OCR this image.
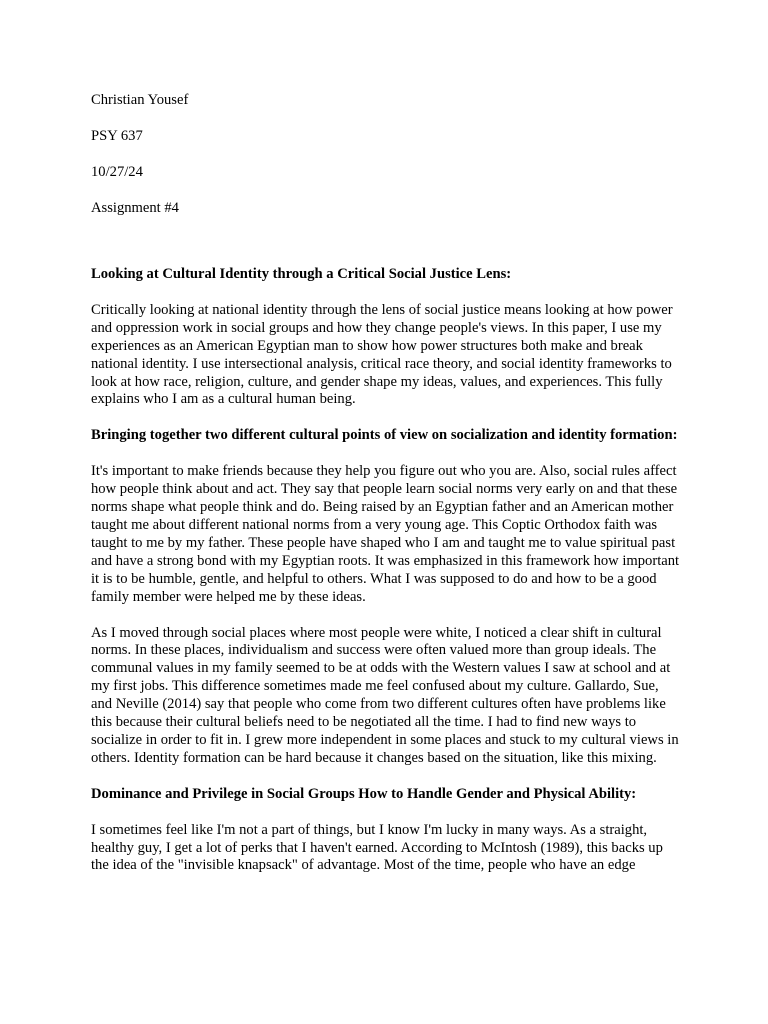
Christian Yousef
PSY 637
10/27/24
Assignment #4
Looking at Cultural Identity through a Critical Social Justice Lens:
Critically looking at national identity through the lens of social justice means looking at how power and oppression work in social groups and how they change people's views. In this paper, I use my experiences as an American Egyptian man to show how power structures both make and break national identity. I use intersectional analysis, critical race theory, and social identity frameworks to look at how race, religion, culture, and gender shape my ideas, values, and experiences. This fully explains who I am as a cultural human being.
Bringing together two different cultural points of view on socialization and identity formation:
It's important to make friends because they help you figure out who you are. Also, social rules affect how people think about and act. They say that people learn social norms very early on and that these norms shape what people think and do. Being raised by an Egyptian father and an American mother taught me about different national norms from a very young age. This Coptic Orthodox faith was taught to me by my father. These people have shaped who I am and taught me to value spiritual past and have a strong bond with my Egyptian roots. It was emphasized in this framework how important it is to be humble, gentle, and helpful to others. What I was supposed to do and how to be a good family member were helped me by these ideas.
As I moved through social places where most people were white, I noticed a clear shift in cultural norms. In these places, individualism and success were often valued more than group ideals. The communal values in my family seemed to be at odds with the Western values I saw at school and at my first jobs. This difference sometimes made me feel confused about my culture. Gallardo, Sue, and Neville (2014) say that people who come from two different cultures often have problems like this because their cultural beliefs need to be negotiated all the time. I had to find new ways to socialize in order to fit in. I grew more independent in some places and stuck to my cultural views in others. Identity formation can be hard because it changes based on the situation, like this mixing.
Dominance and Privilege in Social Groups How to Handle Gender and Physical Ability:
I sometimes feel like I'm not a part of things, but I know I'm lucky in many ways. As a straight, healthy guy, I get a lot of perks that I haven't earned. According to McIntosh (1989), this backs up the idea of the "invisible knapsack" of advantage. Most of the time, people who have an edge
